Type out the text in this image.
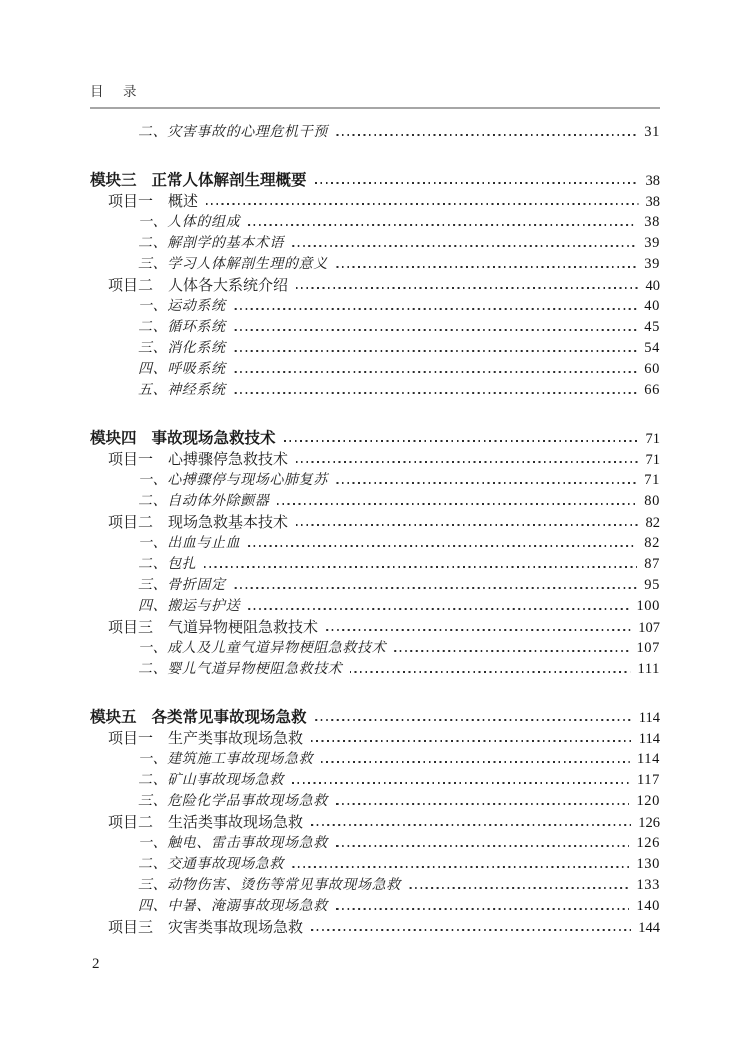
目　录
二、 灾害事故的心理危机干预	31
模块三 正常人体解剖生理概要	38
项目一 概述	38
一、 人体的组成	38
二、 解剖学的基本术语	39
三、 学习人体解剖生理的意义	39
项目二 人体各大系统介绍	40
一、 运动系统	40
二、 循环系统	45
三、 消化系统	54
四、 呼吸系统	60
五、 神经系统	66
模块四 事故现场急救技术	71
项目一 心搏骤停急救技术	71
一、 心搏骤停与现场心肺复苏	71
二、 自动体外除颤器	80
项目二 现场急救基本技术	82
一、 出血与止血	82
二、 包扎	87
三、 骨折固定	95
四、 搬运与护送	100
项目三 气道异物梗阻急救技术	107
一、 成人及儿童气道异物梗阻急救技术	107
二、 婴儿气道异物梗阻急救技术	111
模块五 各类常见事故现场急救	114
项目一 生产类事故现场急救	114
一、 建筑施工事故现场急救	114
二、 矿山事故现场急救	117
三、 危险化学品事故现场急救	120
项目二 生活类事故现场急救	126
一、 触电、雷击事故现场急救	126
二、 交通事故现场急救	130
三、 动物伤害、烫伤等常见事故现场急救	133
四、 中暑、淹溺事故现场急救	140
项目三 灾害类事故现场急救	144
2
